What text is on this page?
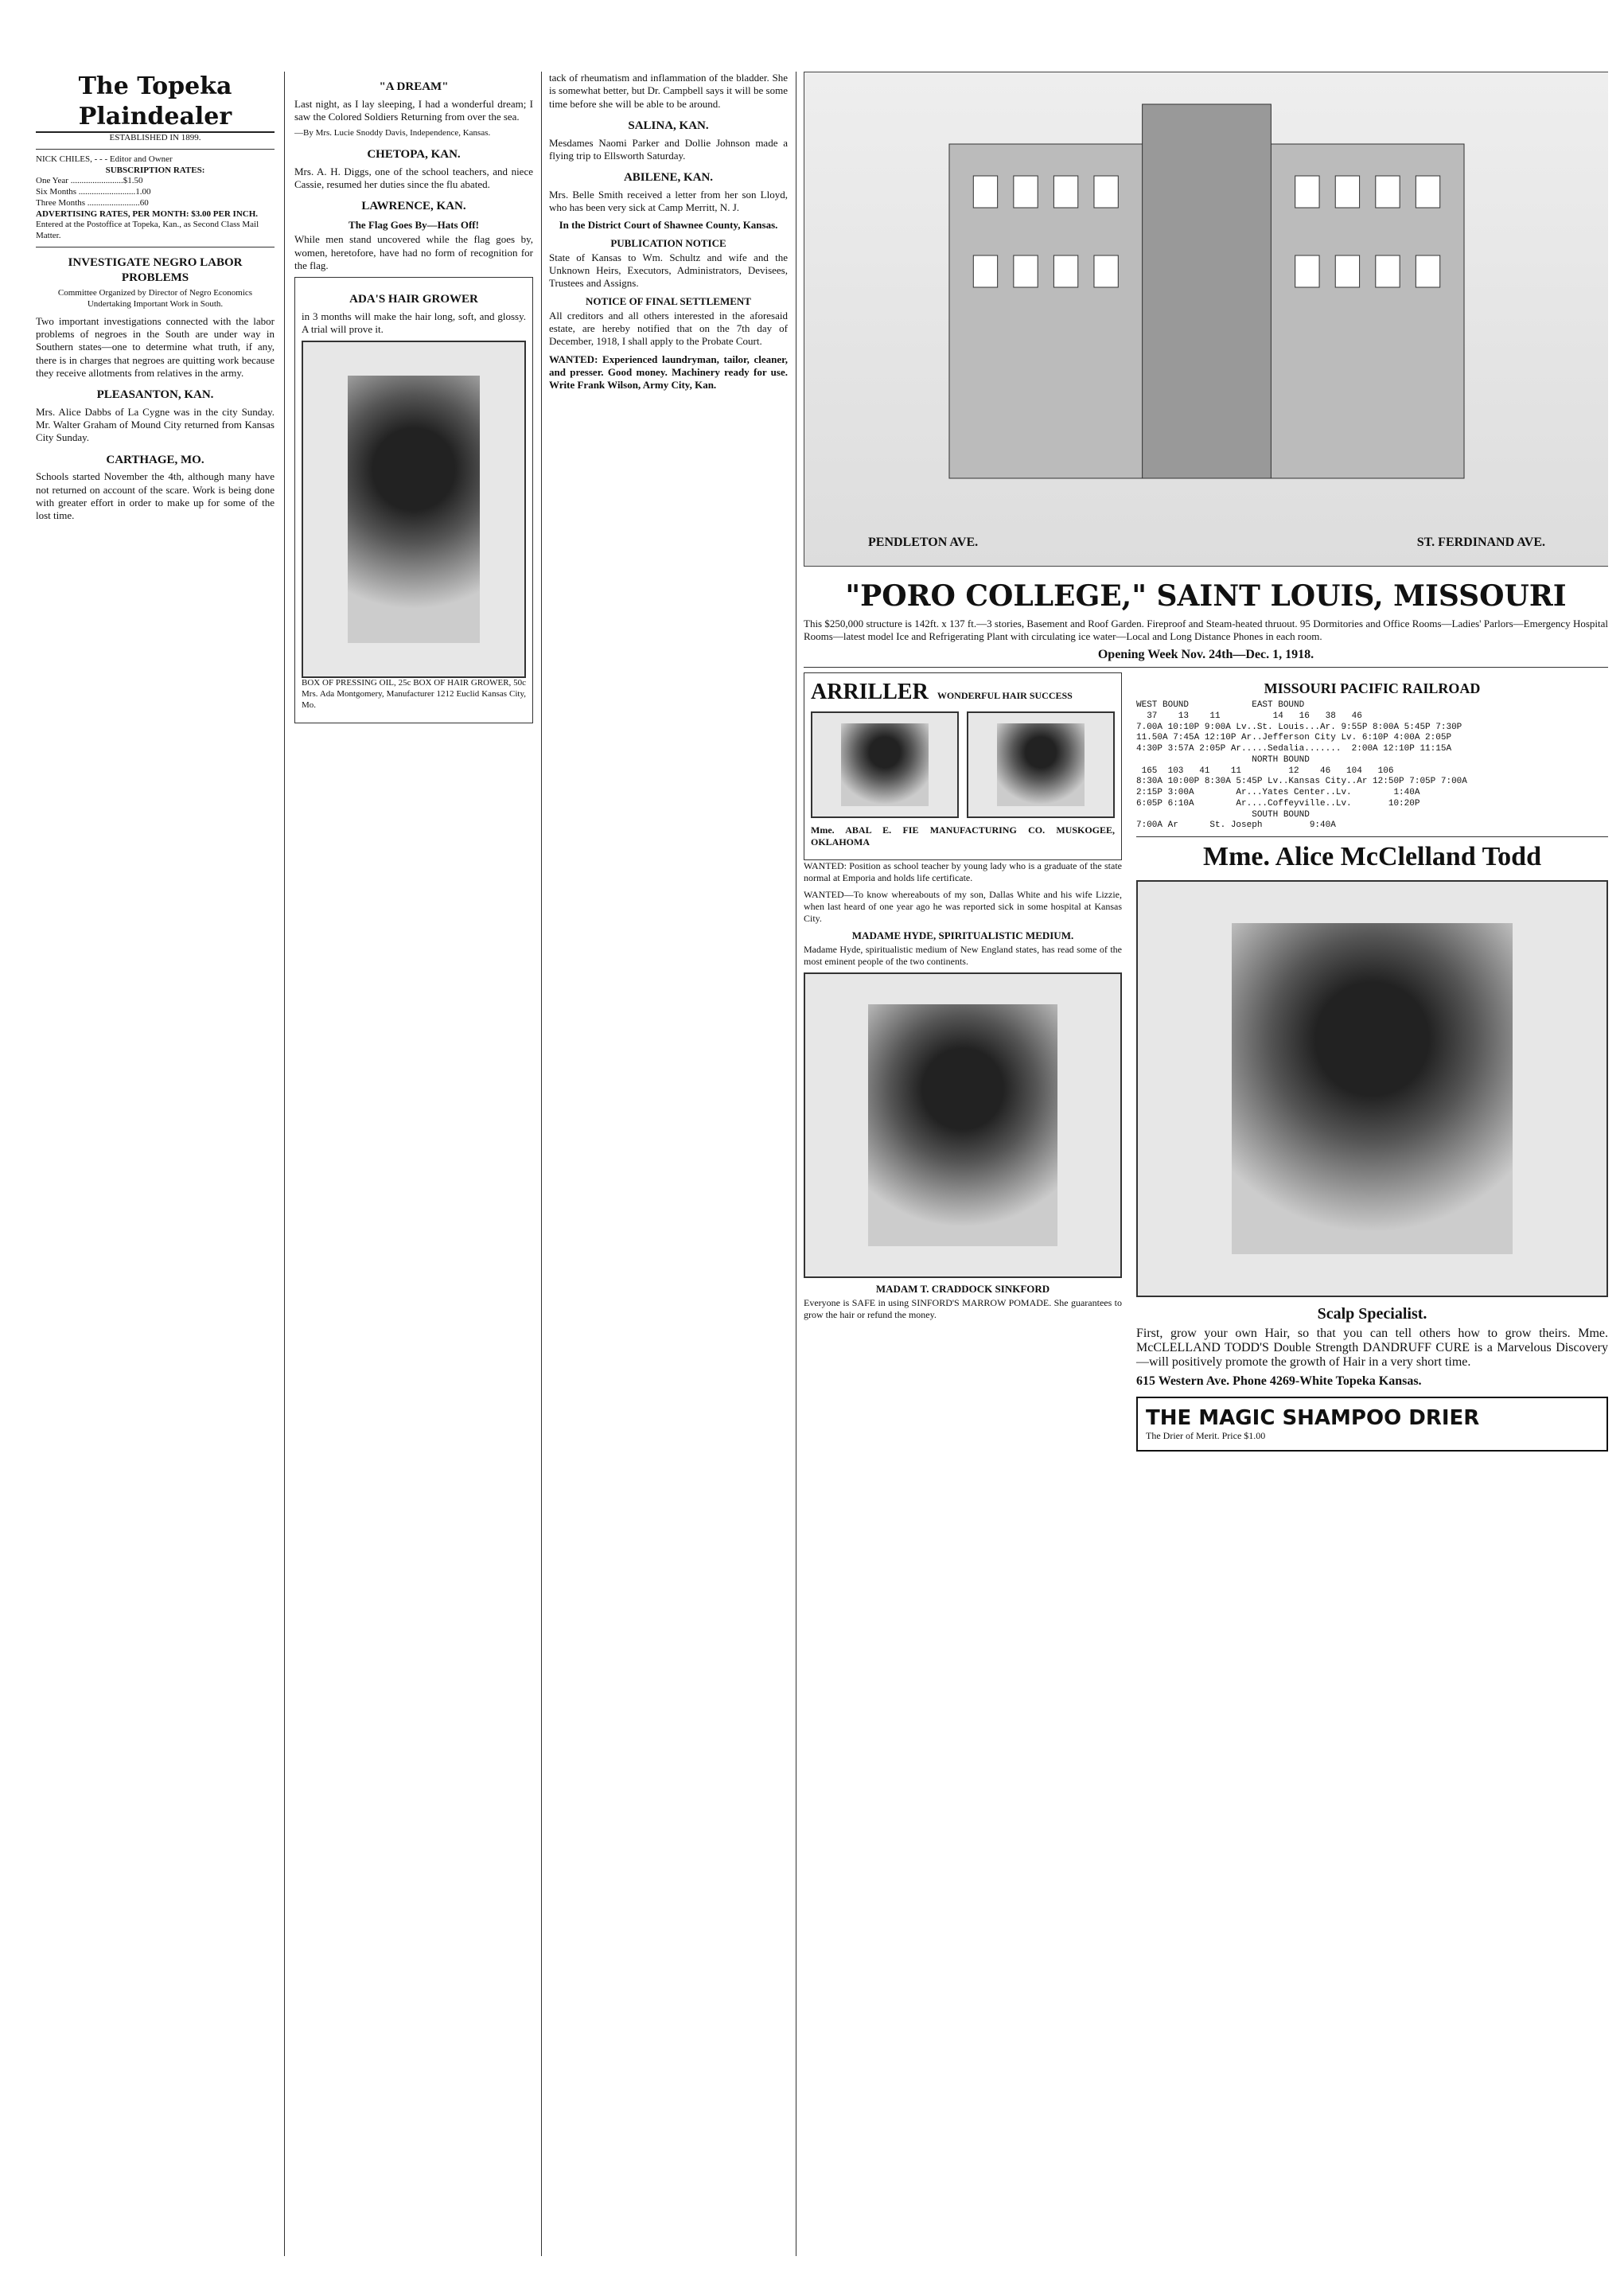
The Topeka Plaindealer
ESTABLISHED IN 1899.
NICK CHILES, - - - Editor and Owner
SUBSCRIPTION RATES:
One Year ........................$1.50
Six Months ..........................1.00
Three Months ........................60
ADVERTISING RATES, PER MONTH: $3.00 PER INCH.
Entered at the Postoffice at Topeka, Kan., as Second Class Mail Matter.
INVESTIGATE NEGRO LABOR PROBLEMS

Committee Organized by Director of Negro Economics Undertaking Important Work in South.

Two important investigations connected with the labor problems of negroes in the South are under way in Southern states—one to determine what truth, if any, there is in charges that negroes are quitting work because they receive allotments from relatives in the army.

PLEASANTON, KAN.

Mrs. Alice Dabbs of La Cygne was in the city Sunday. Mr. Walter Graham of Mound City returned from Kansas City Sunday.

CARTHAGE, MO.

Schools started November the 4th, although many have not returned on account of the scare. Work is being done with greater effort in order to make up for some of the lost time.

"A DREAM"

Last night, as I lay sleeping, I had a wonderful dream; I saw the Colored Soldiers Returning from over the sea.

—By Mrs. Lucie Snoddy Davis, Independence, Kansas.

CHETOPA, KAN.

Mrs. A. H. Diggs, one of the school teachers, and niece Cassie, resumed her duties since the flu abated.

LAWRENCE, KAN.
The Flag Goes By—Hats Off!

While men stand uncovered while the flag goes by, women, heretofore, have had no form of recognition for the flag.

ADA'S HAIR GROWER

in 3 months will make the hair long, soft, and glossy. A trial will prove it.

BOX OF PRESSING OIL, 25c BOX OF HAIR GROWER, 50c Mrs. Ada Montgomery, Manufacturer 1212 Euclid Kansas City, Mo.

tack of rheumatism and inflammation of the bladder. She is somewhat better, but Dr. Campbell says it will be some time before she will be able to be around.

SALINA, KAN.

Mesdames Naomi Parker and Dollie Johnson made a flying trip to Ellsworth Saturday.

ABILENE, KAN.

Mrs. Belle Smith received a letter from her son Lloyd, who has been very sick at Camp Merritt, N. J.

In the District Court of Shawnee County, Kansas.
PUBLICATION NOTICE

State of Kansas to Wm. Schultz and wife and the Unknown Heirs, Executors, Administrators, Devisees, Trustees and Assigns.

NOTICE OF FINAL SETTLEMENT

All creditors and all others interested in the aforesaid estate, are hereby notified that on the 7th day of December, 1918, I shall apply to the Probate Court.

WANTED: Experienced laundryman, tailor, cleaner, and presser. Good money. Machinery ready for use. Write Frank Wilson, Army City, Kan.

PENDLETON AVE.	ST. FERDINAND AVE.
"PORO COLLEGE," SAINT LOUIS, MISSOURI

This $250,000 structure is 142ft. x 137 ft.—3 stories, Basement and Roof Garden. Fireproof and Steam-heated thruout. 95 Dormitories and Office Rooms—Ladies' Parlors—Emergency Hospital Rooms—latest model Ice and Refrigerating Plant with circulating ice water—Local and Long Distance Phones in each room.

Opening Week Nov. 24th—Dec. 1, 1918.

ARRILLER WONDERFUL HAIR SUCCESS

Mme. ABAL E. FIE MANUFACTURING CO. MUSKOGEE, OKLAHOMA

WANTED: Position as school teacher by young lady who is a graduate of the state normal at Emporia and holds life certificate.

WANTED—To know whereabouts of my son, Dallas White and his wife Lizzie, when last heard of one year ago he was reported sick in some hospital at Kansas City.

MADAME HYDE, SPIRITUALISTIC MEDIUM.

Madame Hyde, spiritualistic medium of New England states, has read some of the most eminent people of the two continents.

MADAM T. CRADDOCK SINKFORD

Everyone is SAFE in using SINFORD'S MARROW POMADE. She guarantees to grow the hair or refund the money.

MISSOURI PACIFIC RAILROAD
WEST BOUND            EAST BOUND
37    13    11          14   16   38   46
7.00A 10:10P 9:00A Lv..St. Louis...Ar. 9:55P 8:00A 5:45P 7:30P
11.50A 7:45A 12:10P Ar..Jefferson City Lv. 6:10P 4:00A 2:05P
4:30P 3:57A 2:05P Ar.....Sedalia.......  2:00A 12:10P 11:15A
NORTH BOUND
165  103   41    11         12    46   104   106
8:30A 10:00P 8:30A 5:45P Lv..Kansas City..Ar 12:50P 7:05P 7:00A
2:15P 3:00A        Ar...Yates Center..Lv.        1:40A
6:05P 6:10A        Ar....Coffeyville..Lv.       10:20P
SOUTH BOUND
7:00A Ar      St. Joseph         9:40A
Mme. Alice McClelland Todd
Scalp Specialist.

First, grow your own Hair, so that you can tell others how to grow theirs. Mme. McCLELLAND TODD'S Double Strength DANDRUFF CURE is a Marvelous Discovery—will positively promote the growth of Hair in a very short time.

615 Western Ave. Phone 4269-White Topeka Kansas.

THE MAGIC SHAMPOO DRIER
The Drier of Merit. Price $1.00
